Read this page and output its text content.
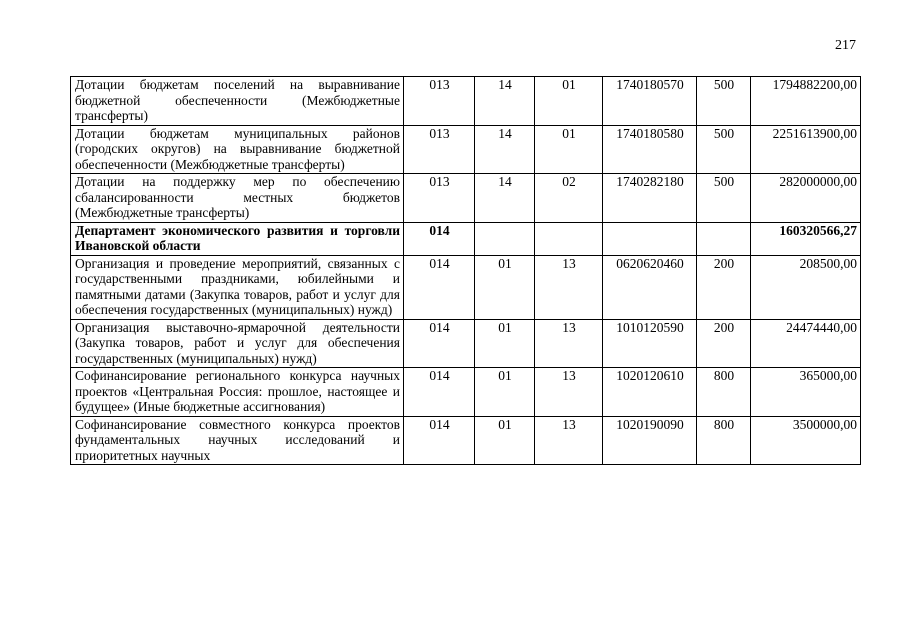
217
Дотации бюджетам поселений на выравнивание бюджетной обеспеченности (Межбюджетные трансферты)	013	14	01	1740180570	500	1794882200,00
Дотации бюджетам муниципальных районов (городских округов) на выравнивание бюджетной обеспеченности (Межбюджетные трансферты)	013	14	01	1740180580	500	2251613900,00
Дотации на поддержку мер по обеспечению сбалансированности местных бюджетов (Межбюджетные трансферты)	013	14	02	1740282180	500	282000000,00
Департамент экономического развития и торговли Ивановской области	014					160320566,27
Организация и проведение мероприятий, связанных с государственными праздниками, юбилейными и памятными датами (Закупка товаров, работ и услуг для обеспечения государственных (муниципальных) нужд)	014	01	13	0620620460	200	208500,00
Организация выставочно-ярмарочной деятельности (Закупка товаров, работ и услуг для обеспечения государственных (муниципальных) нужд)	014	01	13	1010120590	200	24474440,00
Софинансирование регионального конкурса научных проектов «Центральная Россия: прошлое, настоящее и будущее» (Иные бюджетные ассигнования)	014	01	13	1020120610	800	365000,00

Софинансирование совместного конкурса проектов фундаментальных научных исследований и приоритетных научных	014	01	13	1020190090	800	3500000,00
